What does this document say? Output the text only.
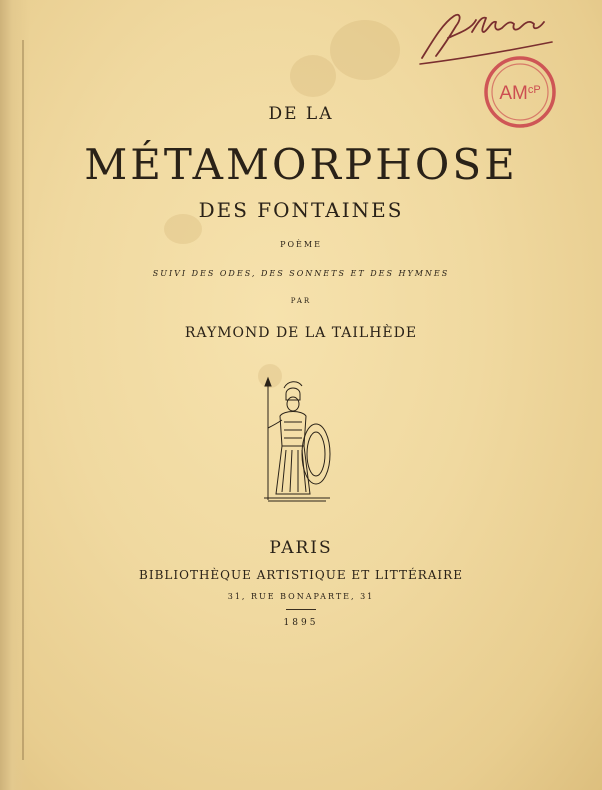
$AM^{cP}$
DE LA
MÉTAMORPHOSE
DES FONTAINES
POÈME
SUIVI DES ODES, DES SONNETS ET DES HYMNES
PAR
RAYMOND DE LA TAILHÈDE
PARIS
BIBLIOTHÈQUE ARTISTIQUE ET LITTÉRAIRE
31, RUE BONAPARTE, 31
1895
